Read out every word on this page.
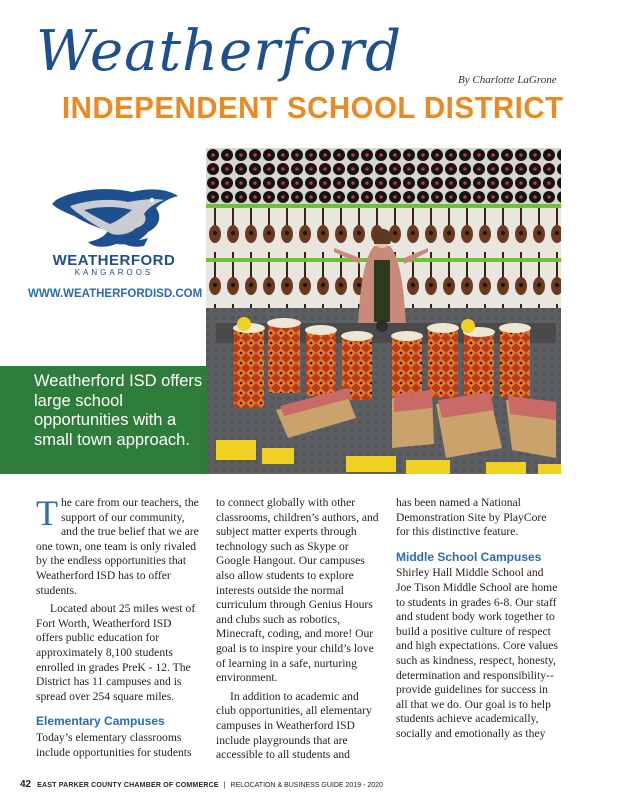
Weatherford	By Charlotte LaGrone
INDEPENDENT SCHOOL DISTRICT
WEATHERFORD
KANGAROOS
WWW.WEATHERFORDISD.COM
Weatherford ISD offers large school opportunities with a small town approach.

The care from our teachers, the support of our community, and the true belief that we are one town, one team is only rivaled by the endless opportunities that Weatherford ISD has to offer students.

Located about 25 miles west of Fort Worth, Weatherford ISD offers public education for approximately 8,100 students enrolled in grades PreK - 12. The District has 11 campuses and is spread over 254 square miles.

Elementary Campuses

Today’s elementary classrooms include opportunities for students

to connect globally with other classrooms, children’s authors, and subject matter experts through technology such as Skype or Google Hangout. Our campuses also allow students to explore interests outside the normal curriculum through Genius Hours and clubs such as robotics, Minecraft, coding, and more! Our goal is to inspire your child’s love of learning in a safe, nurturing environment.

In addition to academic and club opportunities, all elementary campuses in Weatherford ISD include playgrounds that are accessible to all students and

has been named a National Demonstration Site by PlayCore for this distinctive feature.

Middle School Campuses

Shirley Hall Middle School and Joe Tison Middle School are home to students in grades 6-8. Our staff and student body work together to build a positive culture of respect and high expectations. Core values such as kindness, respect, honesty, determination and responsibility-- provide guidelines for success in all that we do. Our goal is to help students achieve academically, socially and emotionally as they

42 EAST PARKER COUNTY CHAMBER OF COMMERCE | RELOCATION & BUSINESS GUIDE 2019 - 2020
